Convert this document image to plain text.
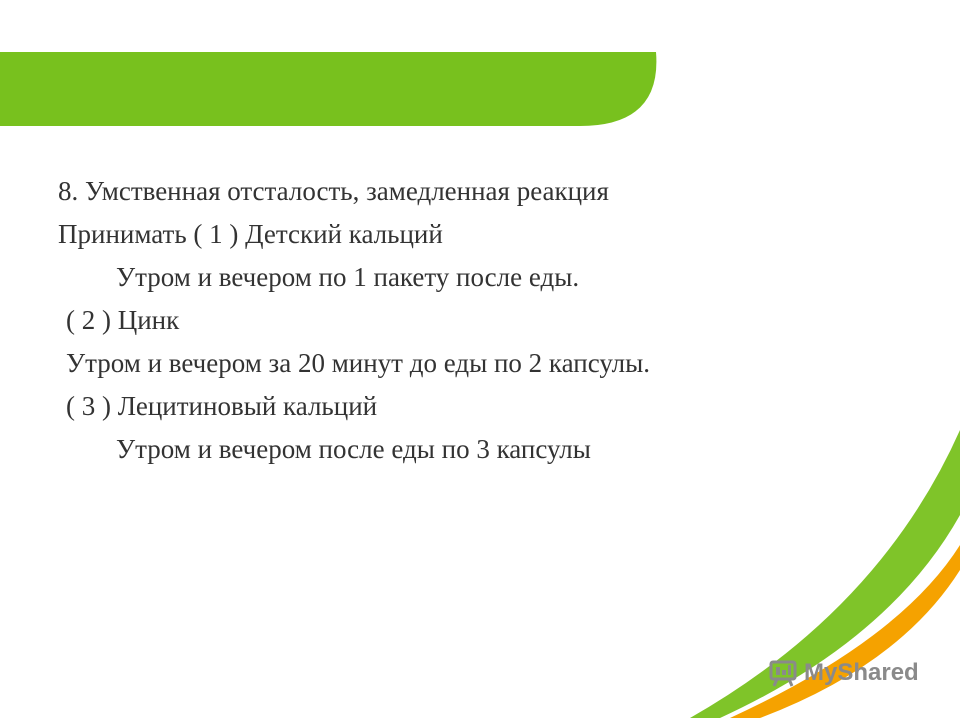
8. Умственная отсталость, замедленная реакция
Принимать ( 1 ) Детский кальций
Утром и вечером по 1 пакету после еды.
( 2 ) Цинк
Утром и вечером за 20 минут до еды по 2 капсулы.
( 3 ) Лецитиновый кальций
Утром и вечером после еды по 3 капсулы
MyShared
